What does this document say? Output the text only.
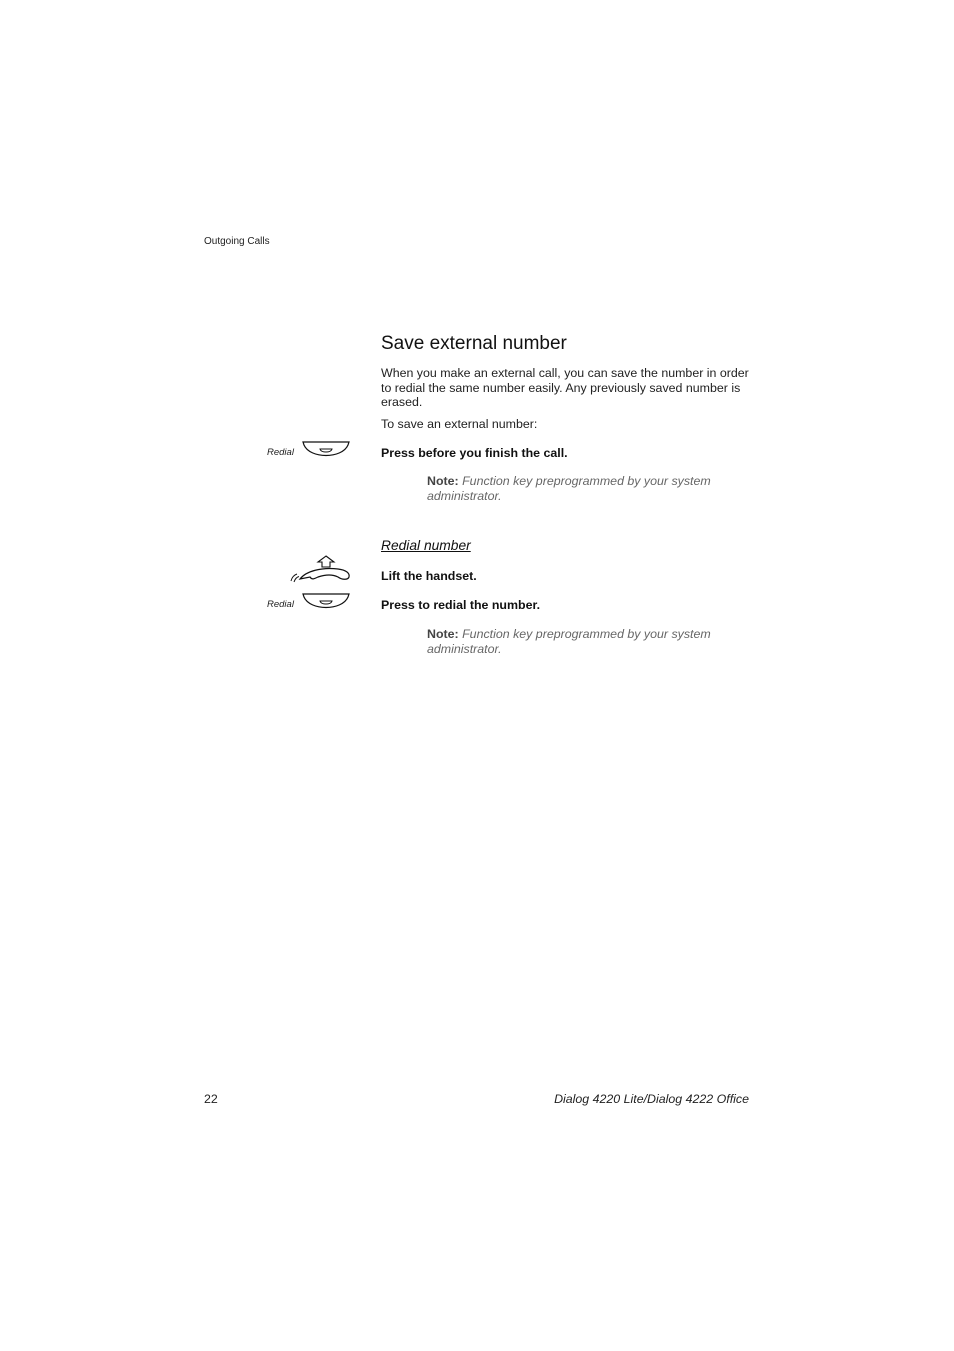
Outgoing Calls
Save external number
When you make an external call, you can save the number in order to redial the same number easily. Any previously saved number is erased.
To save an external number:
Redial	Press before you finish the call.
Note: Function key preprogrammed by your system administrator.
Redial number
Lift the handset.
Redial	Press to redial the number.
Note: Function key preprogrammed by your system administrator.
22	Dialog 4220 Lite/Dialog 4222 Office
